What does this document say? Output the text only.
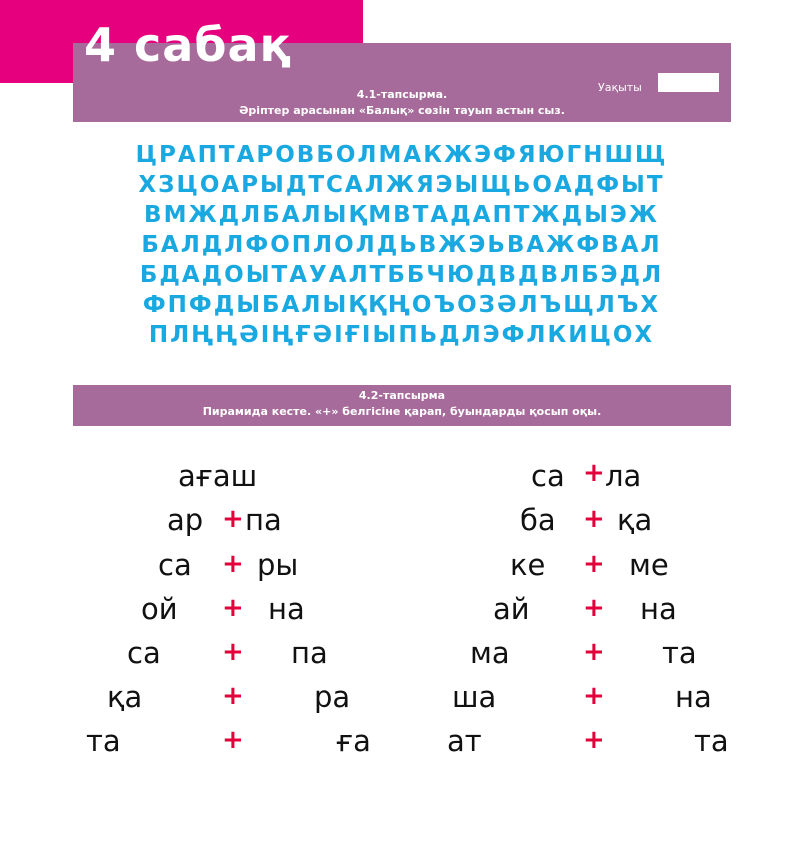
4 сабақ
Уақыты
4.1-тапсырма.
Әріптер арасынан «Балық» сөзін тауып астын сыз.
ЦРАПТАРОВБОЛМАКЖЭФЯЮГНШЩ
ХЗЦОАРЫДТСАЛЖЯЭЫЩЬОАДФЫТ
ВМЖДЛБАЛЫҚМВТАДАПТЖДЫЭЖ
БАЛДЛФОПЛОЛДЬВЖЭЬВАЖФВАЛ
БДАДОЫТАУАЛТББЧЮДВДВЛБЭДЛ
ФПФДЫБАЛЫҚҚҢОЪОЗӘЛЪЩЛЪХ
ПЛҢҢӘІҢҒӘІҒІЫПЬДЛЭФЛКИЦОХ
4.2-тапсырма
Пирамида кесте. «+» белгісіне қарап, буындарды қосып оқы.
ағаш
ар + па
са + ры
ой + на
са + па
қа	+ ра
та	+	ға
са + ла
ба + қа
ке + ме
ай + на
ма	+ та
ша	+ на
ат	+	та
